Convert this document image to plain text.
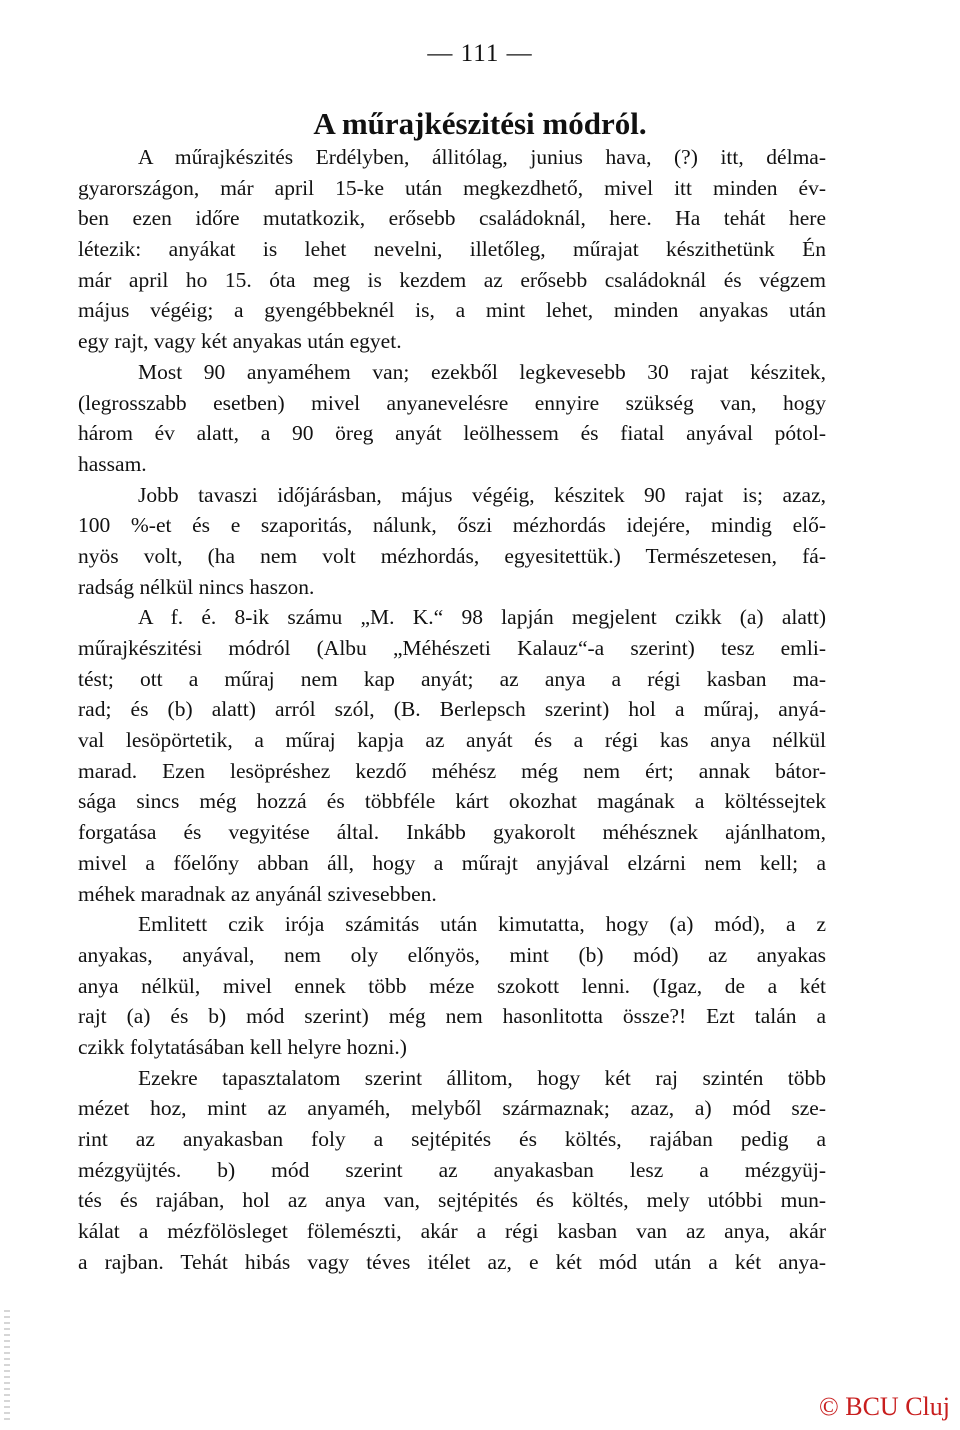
— 111 —
A műrajkészitési módról.
A műrajkészités Erdélyben, állitólag, junius hava, (?) itt, délma-
gyarországon, már april 15-ke után megkezdhető, mivel itt minden év-
ben ezen időre mutatkozik, erősebb családoknál, here. Ha tehát here
létezik: anyákat is lehet nevelni, illetőleg, műrajat készithetünk Én
már april ho 15. óta meg is kezdem az erősebb családoknál és végzem
május végéig; a gyengébbeknél is, a mint lehet, minden anyakas után
egy rajt, vagy két anyakas után egyet.
Most 90 anyaméhem van; ezekből legkevesebb 30 rajat készitek,
(legrosszabb esetben) mivel anyanevelésre ennyire szükség van, hogy
három év alatt, a 90 öreg anyát leölhessem és fiatal anyával pótol-
hassam.
Jobb tavaszi időjárásban, május végéig, készitek 90 rajat is; azaz,
100 %-et és e szaporitás, nálunk, őszi mézhordás idejére, mindig elő-
nyös volt, (ha nem volt mézhordás, egyesitettük.) Természetesen, fá-
radság nélkül nincs haszon.
A f. é. 8-ik számu „M. K.“ 98 lapján megjelent czikk (a) alatt)
műrajkészitési módról (Albu „Méhészeti Kalauz“-a szerint) tesz emli-
tést; ott a műraj nem kap anyát; az anya a régi kasban ma-
rad; és (b) alatt) arról szól, (B. Berlepsch szerint) hol a műraj, anyá-
val lesöpörtetik, a műraj kapja az anyát és a régi kas anya nélkül
marad. Ezen lesöpréshez kezdő méhész még nem ért; annak bátor-
sága sincs még hozzá és többféle kárt okozhat magának a költéssejtek
forgatása és vegyitése által. Inkább gyakorolt méhésznek ajánlhatom,
mivel a főelőny abban áll, hogy a műrajt anyjával elzárni nem kell; a
méhek maradnak az anyánál szivesebben.
Emlitett czik irója számitás után kimutatta, hogy (a) mód), a z
anyakas, anyával, nem oly előnyös, mint (b) mód) az anyakas
anya nélkül, mivel ennek több méze szokott lenni. (Igaz, de a két
rajt (a) és b) mód szerint) még nem hasonlitotta össze?! Ezt talán a
czikk folytatásában kell helyre hozni.)
Ezekre tapasztalatom szerint állitom, hogy két raj szintén több
mézet hoz, mint az anyaméh, melyből származnak; azaz, a) mód sze-
rint az anyakasban foly a sejtépités és költés, rajában pedig a
mézgyüjtés. b) mód szerint az anyakasban lesz a mézgyüj-
tés és rajában, hol az anya van, sejtépités és költés, mely utóbbi mun-
kálat a mézfölösleget fölemészti, akár a régi kasban van az anya, akár
a rajban. Tehát hibás vagy téves itélet az, e két mód után a két anya-
© BCU Cluj
